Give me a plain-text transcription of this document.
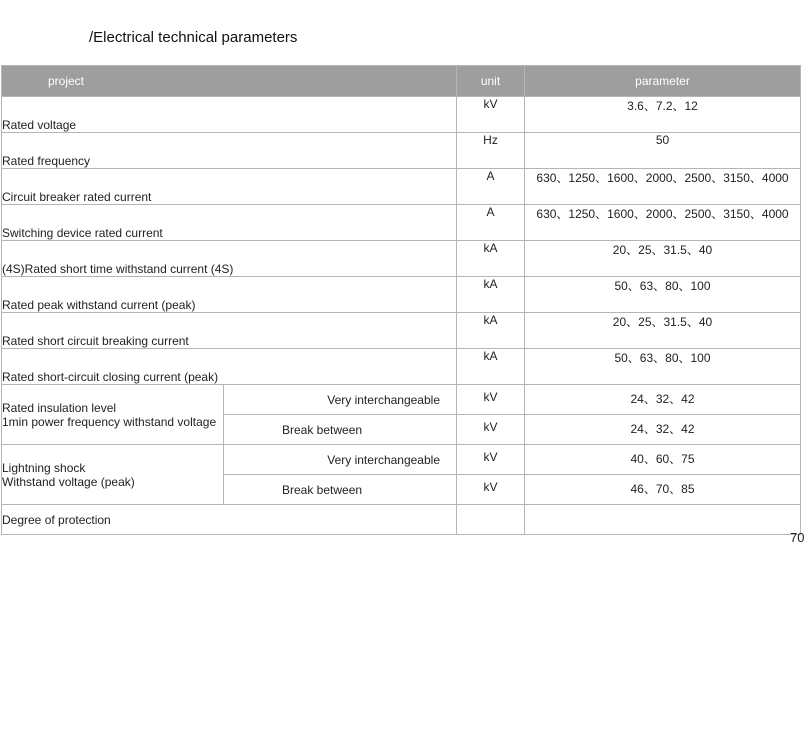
/Electrical technical parameters
project		unit	parameter
Rated voltage		kV	3.6、7.2、12
Rated frequency		Hz	50
Circuit breaker rated current		A	630、1250、1600、2000、2500、3150、4000
Switching device rated current		A	630、1250、1600、2000、2500、3150、4000
(4S)Rated short time withstand current (4S)		kA	20、25、31.5、40
Rated peak withstand current (peak)		kA	50、63、80、100
Rated short circuit breaking current		kA	20、25、31.5、40
Rated short-circuit closing current (peak)		kA	50、63、80、100

Rated insulation level
1min power frequency withstand voltage	Very interchangeable	kV	24、32、42
	Break between	kV	24、32、42

Lightning shock
Withstand voltage (peak)	Very interchangeable	kV	40、60、75
	Break between	kV	46、70、85
Degree of protection			
70
